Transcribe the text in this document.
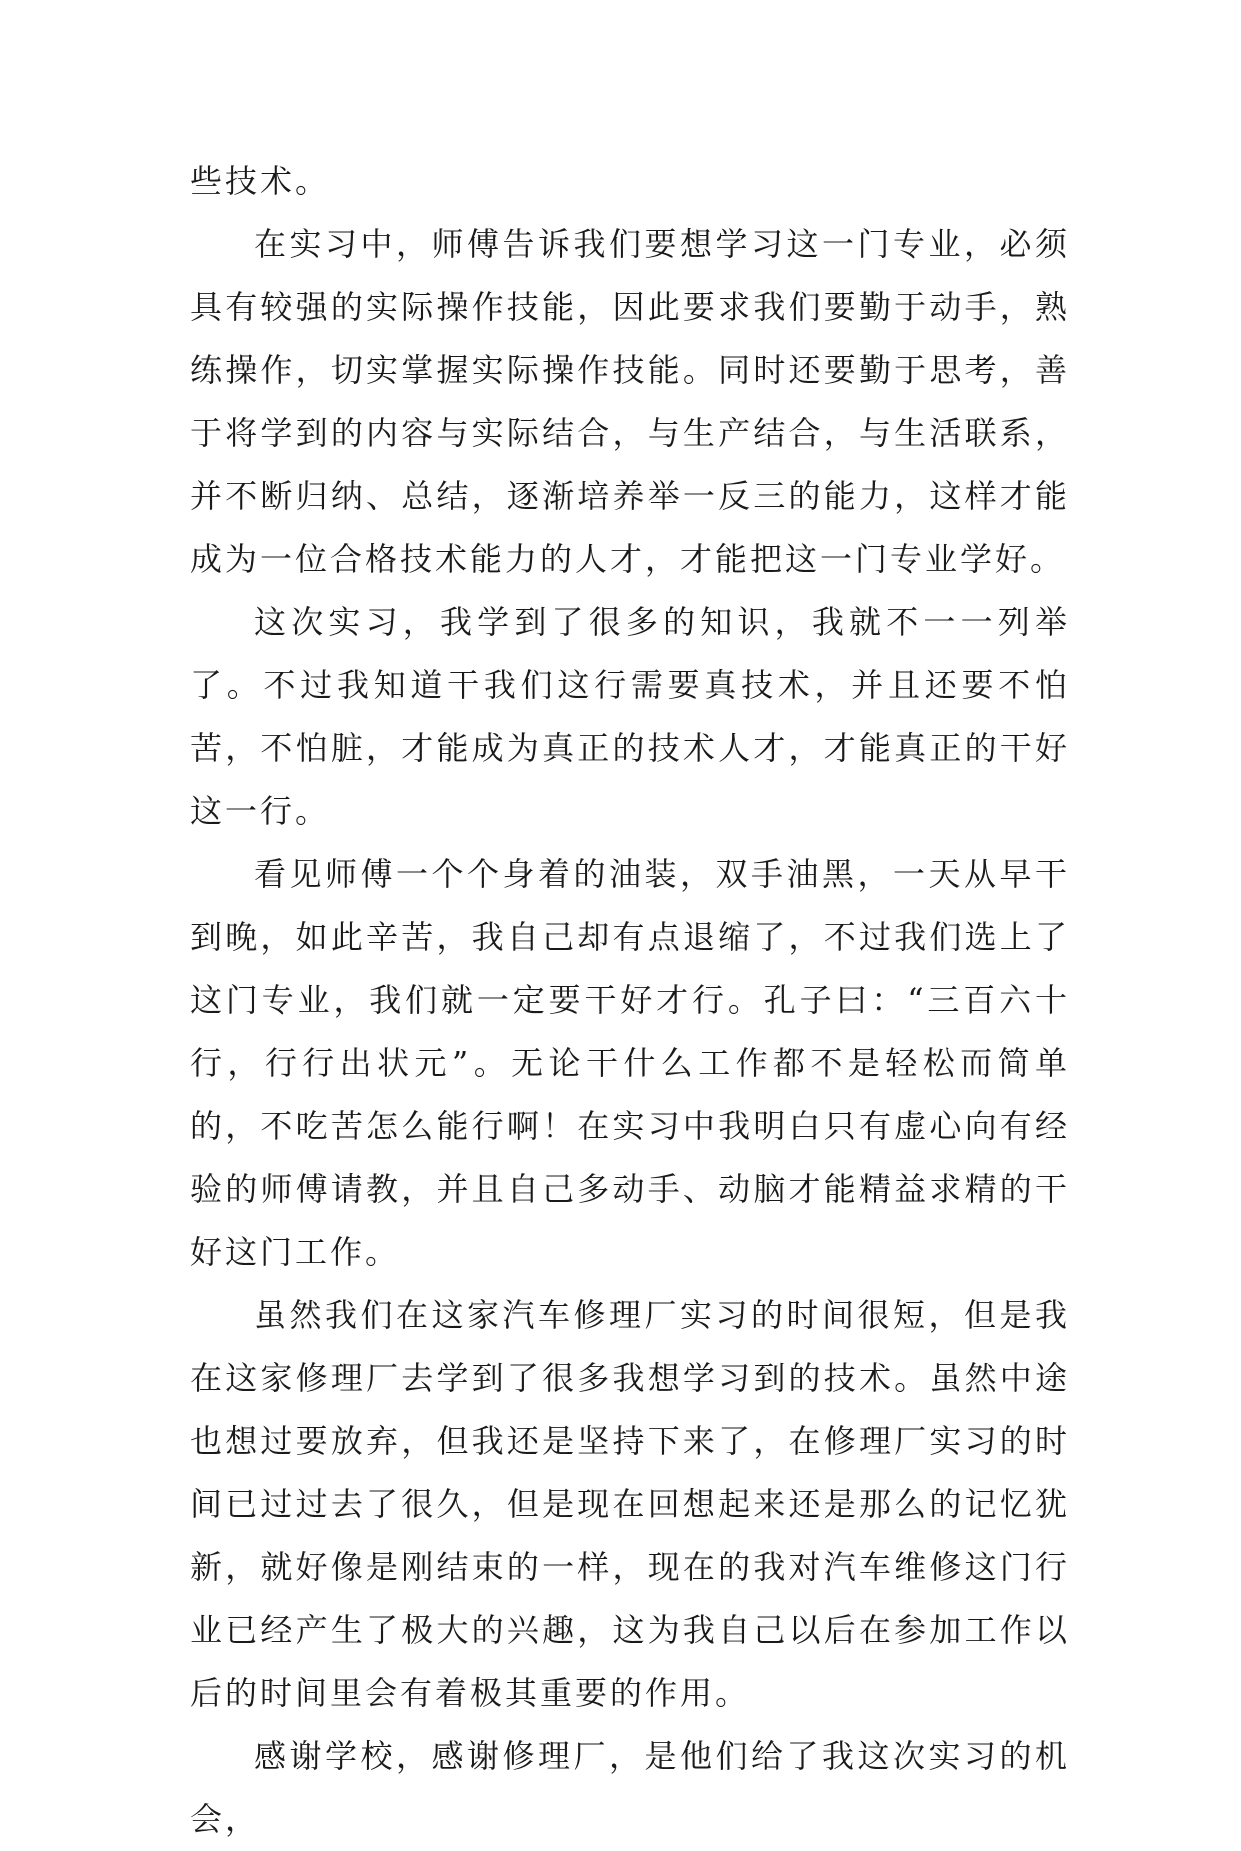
些技术。

在实习中，师傅告诉我们要想学习这一门专业，必须具有较强的实际操作技能，因此要求我们要勤于动手，熟练操作，切实掌握实际操作技能。同时还要勤于思考，善于将学到的内容与实际结合，与生产结合，与生活联系，并不断归纳、总结，逐渐培养举一反三的能力，这样才能成为一位合格技术能力的人才，才能把这一门专业学好。

这次实习，我学到了很多的知识，我就不一一列举了。不过我知道干我们这行需要真技术，并且还要不怕苦，不怕脏，才能成为真正的技术人才，才能真正的干好这一行。

看见师傅一个个身着的油装，双手油黑，一天从早干到晚，如此辛苦，我自己却有点退缩了，不过我们选上了这门专业，我们就一定要干好才行。孔子曰：“三百六十行，行行出状元”。无论干什么工作都不是轻松而简单的，不吃苦怎么能行啊！在实习中我明白只有虚心向有经验的师傅请教，并且自己多动手、动脑才能精益求精的干好这门工作。

虽然我们在这家汽车修理厂实习的时间很短，但是我在这家修理厂去学到了很多我想学习到的技术。虽然中途也想过要放弃，但我还是坚持下来了，在修理厂实习的时间已过过去了很久，但是现在回想起来还是那么的记忆犹新，就好像是刚结束的一样，现在的我对汽车维修这门行业已经产生了极大的兴趣，这为我自己以后在参加工作以后的时间里会有着极其重要的作用。

感谢学校，感谢修理厂，是他们给了我这次实习的机会，
